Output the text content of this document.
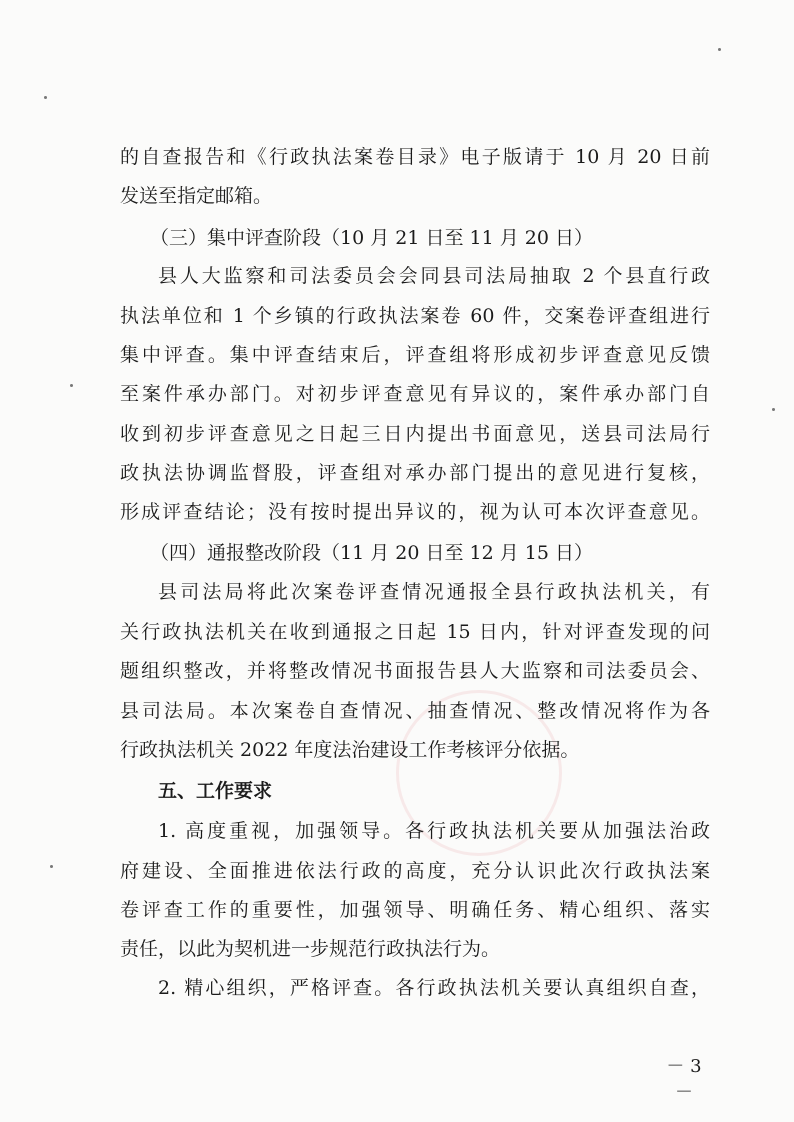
的自查报告和《行政执法案卷目录》电子版请于 10 月 20 日前
发送至指定邮箱。
（三）集中评查阶段（10 月 21 日至 11 月 20 日）
县人大监察和司法委员会会同县司法局抽取 2 个县直行政
执法单位和 1 个乡镇的行政执法案卷 60 件，交案卷评查组进行
集中评查。集中评查结束后，评查组将形成初步评查意见反馈
至案件承办部门。对初步评查意见有异议的，案件承办部门自
收到初步评查意见之日起三日内提出书面意见，送县司法局行
政执法协调监督股，评查组对承办部门提出的意见进行复核，
形成评查结论；没有按时提出异议的，视为认可本次评查意见。
（四）通报整改阶段（11 月 20 日至 12 月 15 日）
县司法局将此次案卷评查情况通报全县行政执法机关，有
关行政执法机关在收到通报之日起 15 日内，针对评查发现的问
题组织整改，并将整改情况书面报告县人大监察和司法委员会、
县司法局。本次案卷自查情况、抽查情况、整改情况将作为各
行政执法机关 2022 年度法治建设工作考核评分依据。
五、工作要求
1. 高度重视，加强领导。各行政执法机关要从加强法治政
府建设、全面推进依法行政的高度，充分认识此次行政执法案
卷评查工作的重要性，加强领导、明确任务、精心组织、落实
责任，以此为契机进一步规范行政执法行为。
2. 精心组织，严格评查。各行政执法机关要认真组织自查，
－ 3 －
